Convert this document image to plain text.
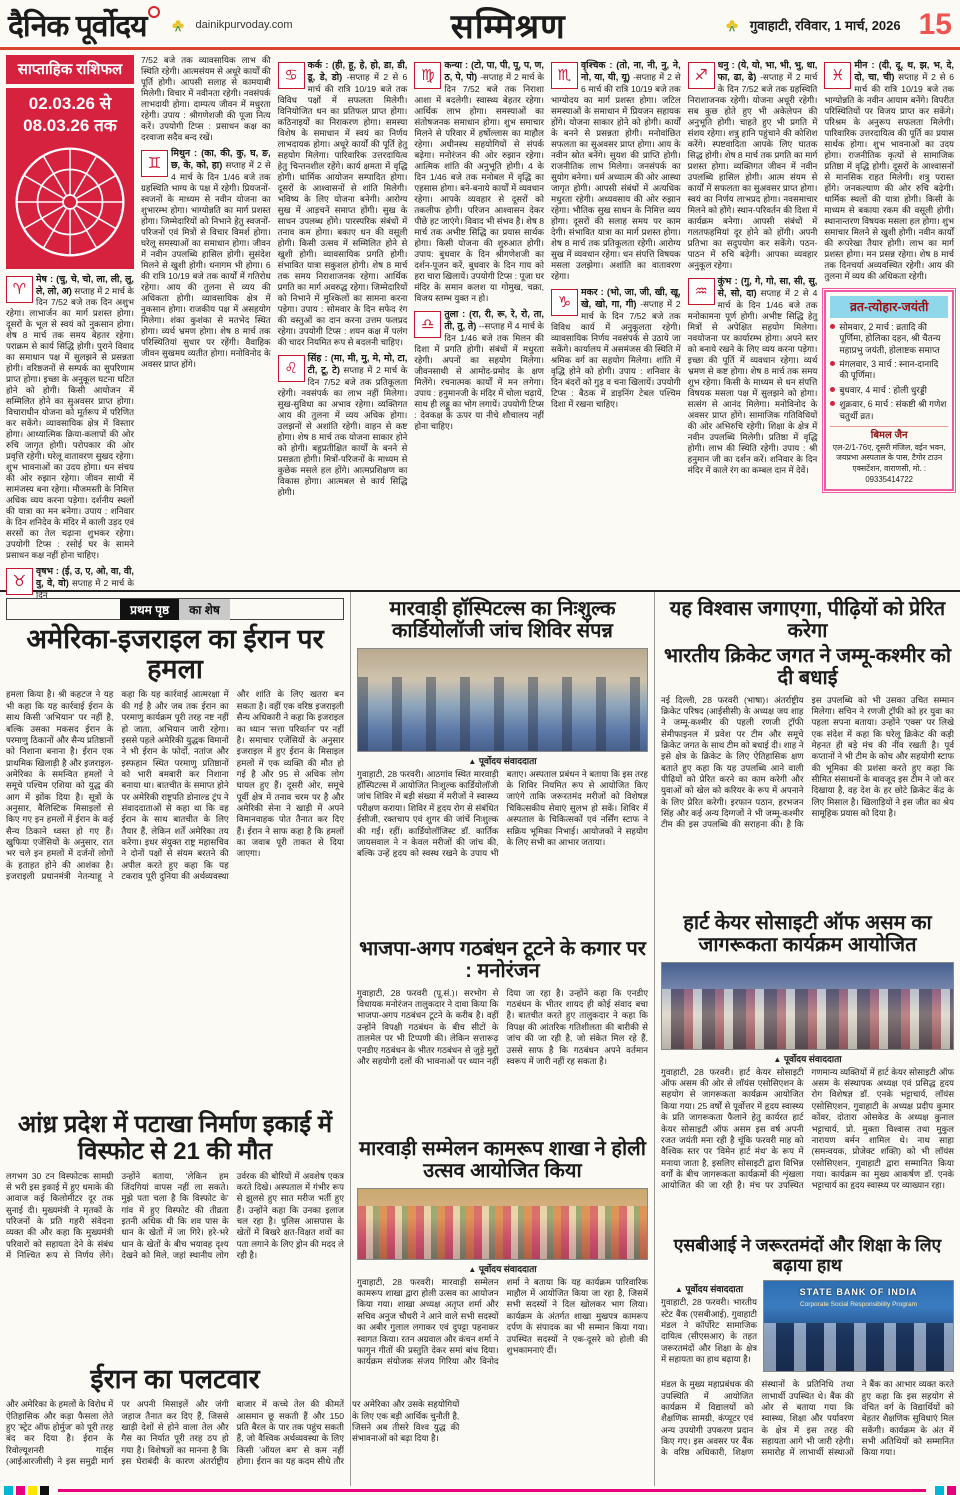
दैनिक पूर्वोदय	dainikpurvoday.com	सम्मिश्रण	गुवाहाटी, रविवार, 1 मार्च, 2026 15
साप्ताहिक राशिफल
02.03.26 से
08.03.26 तक
♈
मेष : (चु, चे, चो, ला, ली, लु, ले, लो, अ) सप्ताह में 2 मार्च के दिन 7/52 बजे तक दिन अशुभ रहेगा। लाभार्जन का मार्ग प्रशस्त होगा। दूसरों के भूल से स्वयं को नुकसान होगा। शेष 8 मार्च तक समय बेहतर रहेगा। पराक्रम से कार्य सिद्धि होगी। पुराने विवाद का समाधान पक्ष में सुलझने से प्रसन्नता होगी। वरिष्ठजनों से सम्पर्क का सुपरिणाम प्राप्त होगा। इच्छा के अनुकूल घटना घटित होने को होगी। किसी आयोजन में सम्मिलित होने का सुअवसर प्राप्त होगा। विचाराधीन योजना को मूर्तरूप में परिणित कर सकेंगे। व्यावसायिक क्षेत्र में विस्तार होगा। आध्यात्मिक क्रिया-कलापों की ओर रुचि जागृत होगी। परोपकार की ओर प्रवृत्ति रहेगी। घरेलू वातावरण सुखद रहेगा। शुभ भावनाओं का उदय होगा। धन संचय की ओर रुझान रहेगा। जीवन साथी में सामंजस्य बना रहेगा। मौजमस्ती के निमित्त अधिक व्यय करना पड़ेगा। दर्शनीय स्थलों की यात्रा का मन बनेगा। उपाय : शनिवार के दिन शनिदेव के मंदिर में काली उड़द एवं सरसों का तेल चढ़ाना शुभकर रहेगा। उपयोगी टिप्स : रसोई घर के सामने प्रसाधन कक्ष नहीं होना चाहिए।
♉
वृषभ : (ई, उ, ए, ओ, वा, वी, वु, वे, वो) सप्ताह में 2 मार्च के दिन
7/52 बजे तक व्यावसायिक लाभ की स्थिति रहेगी। आत्मसंयम से अधूरे कार्यों की पूर्ति होगी। आपसी सलाह से कामयाबी मिलेगी। विचार में नवीनता रहेगी। नवसंपर्क लाभदायी होगा। दाम्पत्य जीवन में मधुरता रहेगी। उपाय : श्रीगणेशजी की पूजा नित्य करें। उपयोगी टिप्स : प्रसाधन कक्ष का दरवाजा सदैव बन्द रखें।
♊
मिथुन : (का, की, कु, घ, ङ, छ, के, को, हा) सप्ताह में 2 से 4 मार्च के दिन 1/46 बजे तक ग्रहस्थिति भाग्य के पक्ष में रहेगी। प्रियजनों-स्वजनों के माध्यम से नवीन योजना का शुभारम्भ होगा। भाग्योन्नति का मार्ग प्रशस्त होगा। जिम्मेदारियों को निभाने हेतु स्वजनों-परिजनों एवं मित्रों से विचार विमर्श होगा। घरेलू समस्याओं का समाधान होगा। जीवन में नवीन उपलब्धि हासिल होगी। सुसंदेश मिलने से खुशी होगी। धनागम भी होगा। 6 की रात्रि 10/19 बजे तक कार्यों में गतिरोध रहेगा। आय की तुलना से व्यय की अधिकता होगी। व्यावसायिक क्षेत्र में नुकसान होगा। राजकीय पक्ष में असहयोग मिलेगा। शंका कुशंका से मतभेद स्थित होगा। व्यर्थ भ्रमण होगा। शेष 8 मार्च तक परिस्थितियां सुधार पर रहेंगी। वैवाहिक जीवन सुखमय व्यतीत होगा। मनोविनोद के अवसर प्राप्त होंगे।
♋
कर्क : (ही, हू, हे, हो, डा, डी, डू, डे, डो) -सप्ताह में 2 से 6 मार्च की रात्रि 10/19 बजे तक विविध पक्षों में सफलता मिलेगी। विनियोजित धन का प्रतिफल प्राप्त होगा। कठिनाइयों का निराकरण होगा। समस्या विशेष के समाधान में स्वयं का निर्णय लाभदायक होगा। अधूरे कार्यों की पूर्ति हेतु सहयोग मिलेगा। पारिवारिक उत्तरदायित्व हेतु चिन्तनशील रहेंगे। कार्य क्षमता में वृद्धि होगी। धार्मिक आयोजन सम्पादित होगा। दूसरों के आश्वासनों से शांति मिलेगी। भविष्य के लिए योजना बनेगी। आरोग्य सुख में आड़चनें समाप्त होंगी। सुख के साधन उपलब्ध होंगे। पारस्परिक संबंधों में तनाव कम होगा। बकाए धन की वसूली होगी। किसी उत्सव में सम्मिलित होने से खुशी होगी। व्यावसायिक प्रगति होगी। संभावित यात्रा सकुशल होगी। शेष 8 मार्च तक समय निराशाजनक रहेगा। आर्थिक प्रगति का मार्ग अवरुद्ध रहेगा। जिम्मेदारियों को निभाने में मुश्किलों का सामना करना पड़ेगा। उपाय : सोमवार के दिन सफेद रंग की वस्तुओं का दान करना उत्तम फलप्रद रहेगा। उपयोगी टिप्स : शयन कक्ष में पलंग की चादर नियमित रूप से बदलनी चाहिए।
♌
सिंह : (मा, मी, मु, मे, मो, टा, टी, टू, टे) सप्ताह में 2 मार्च के दिन 7/52 बजे तक प्रतिकूलता रहेगी। नवसंपर्क का लाभ नहीं मिलेगा। सुख-सुविधा का अभाव रहेगा। व्यक्तिगत आय की तुलना में व्यय अधिक होगा। उलझनों से अशांति रहेगी। वाहन से कष्ट होगा। शेष 8 मार्च तक योजना साकार होने को होगी। बहुप्रतीक्षित कार्यों के बनने से प्रसन्नता होगी। मित्रों-परिजनों के माध्यम से कुछेक मसले हल होंगे। आत्मप्रशिक्षण का विकास होगा। आत्मबल से कार्य सिद्धि होगी।
♍
कन्या : (टो, पा, पी, पू, प, ण, ठ, पे, पो) -सप्ताह में 2 मार्च के दिन 7/52 बजे तक निराशा आशा में बदलेगी। स्वास्थ्य बेहतर रहेगा। आर्थिक लाभ होगा। समस्याओं का संतोषजनक समाधान होगा। शुभ समाचार मिलने से परिवार में हर्षोल्लास का माहौल रहेगा। अधीनस्थ सहयोगियों से संपर्क बढ़ेगा। मनोरंजन की ओर रुझान रहेगा। आत्मिक शांति की अनुभूति होगी। 4 के दिन 1/46 बजे तक मनोबल में वृद्धि का एहसास होगा। बने-बनाये कार्यों में व्यवधान रहेगा। आपके व्यवहार से दूसरों को तकलीफ होगी। परिजन आश्वासन देकर पीछे हट जाएंगे। विवाद भी संभव है। शेष 8 मार्च तक अभीष्ट सिद्धि का प्रयास सार्थक होगा। किसी योजना की शुरुआत होगी। उपाय: बुधवार के दिन श्रीगणेशजी का दर्शन-पूजन करें, बुधवार के दिन गाय को हरा चारा खिलायें। उपयोगी टिप्स : पूजा घर मंदिर के समान कलश या गोमुख, चक्रा, विजय स्तम्भ युक्त न हो।
♎
तुला : (रा, री, रू, रे, रो, ता, ती, तु, ते) --सप्ताह में 4 मार्च के दिन 1/46 बजे तक मिलन की दिशा में प्रगति होगी। संबंधों में मधुरता रहेगी। अपनों का सहयोग मिलेगा। जीवनसाथी से आमोद-प्रमोद के क्षण मिलेंगे। रचनात्मक कार्यों में मन लगेगा। उपाय : हनुमानजी के मंदिर में चोला चढ़ायें, साथ ही लड्डू का भोग लगायें। उपयोगी टिप्स : देवकक्ष के ऊपर या नीचे शौचालय नहीं होना चाहिए।
♏
वृश्चिक : (तो, ना, नी, नु, ने, नो, या, यी, यू) -सप्ताह में 2 से 6 मार्च की रात्रि 10/19 बजे तक भाग्योदय का मार्ग प्रशस्त होगा। जटिल समस्याओं के समाधान में प्रियजन सहायक होंगे। योजना साकार होने को होगी। कार्यों के बनने से प्रसन्नता होगी। मनोवांछित सफलता का सुअवसर प्राप्त होगा। आय के नवीन स्रोत बनेंगे। सुयश की प्राप्ति होगी। राजनीतिक लाभ मिलेगा। जनसंपर्क का सुयोग बनेगा। धर्म अध्यात्म की ओर आस्था जागृत होगी। आपसी संबंधों में अत्यधिक मधुरता रहेगी। अध्यवसाय की ओर रुझान रहेगा। भौतिक सुख साधन के निमित्त व्यय होगा। दूसरों की सलाह समय पर काम देगी। संभावित यात्रा का मार्ग प्रशस्त होगा। शेष 8 मार्च तक प्रतिकूलता रहेगी। आरोग्य सुख में व्यवधान रहेगा। धन संपत्ति विषयक मसला उलझेगा। अशांति का वातावरण रहेगा।
♑
मकर : (भो, जा, जी, खी, खू, खे, खो, गा, गी) -सप्ताह में 2 मार्च के दिन 7/52 बजे तक विविध कार्य में अनुकूलता रहेगी। व्यावसायिक निर्णय नवसंपर्क से उठाये जा सकेंगे। कार्यालय में असमंजस की स्थिति में श्रमिक वर्ग का सहयोग मिलेगा। शांति में वृद्धि होने को होगी। उपाय : शनिवार के दिन बंदरों को गुड़ व चना खिलायें। उपयोगी टिप्स : बैठक में डाइनिंग टेबल पश्चिम दिशा में रखना चाहिए।
♐
धनु : (ये, यो, भा, भी, भु, धा, फा, ढा, ढे) -सप्ताह में 2 मार्च के दिन 7/52 बजे तक ग्रहस्थिति निराशाजनक रहेगी। योजना अधूरी रहेगी। सब कुछ होते हुए भी अकेलेपन की अनुभूति होगी। चाहते हुए भी प्रगति में संशय रहेगा। शत्रु हानि पहुंचाने की कोशिश करेंगे। स्पष्टवादिता आपके लिए घातक सिद्ध होगी। शेष 8 मार्च तक प्रगति का मार्ग प्रशस्त होगा। व्यक्तिगत जीवन में नवीन उपलब्धि हासिल होगी। आत्म संयम से कार्यों में सफलता का सुअवसर प्राप्त होगा। स्वयं का निर्णय लाभप्रद होगा। नवसमाचार मिलने को होंगे। स्थान-परिवर्तन की दिशा में कार्यक्रम बनेगा। आपसी संबंधों में गलतफहमियां दूर होने को होंगी। अपनी प्रतिभा का सदुपयोग कर सकेंगे। पठन-पाठन में रुचि बढ़ेगी। आपका व्यवहार अनुकूल रहेगा।
♒
कुंभ : (गु, गे, गो, सा, सी, सु, से, सो, दा) सप्ताह में 2 से 4 मार्च के दिन 1/46 बजे तक मनोकामना पूर्ण होगी। अभीष्ट सिद्धि हेतु मित्रों से अपेक्षित सहयोग मिलेगा। नवयोजना पर कार्यारम्भ होगा। अपने स्तर को बनाये रखने के लिए व्यय करना पड़ेगा। इच्छा की पूर्ति में व्यवधान रहेगा। व्यर्थ भ्रमण से कष्ट होगा। शेष 8 मार्च तक समय शुभ रहेगा। किसी के माध्यम से धन संपत्ति विषयक मसला पक्ष में सुलझने को होगा। सत्संग से आनंद मिलेगा। मनोविनोद के अवसर प्राप्त होंगे। सामाजिक गतिविधियों की ओर अभिरुचि रहेगी। शिक्षा के क्षेत्र में नवीन उपलब्धि मिलेगी। प्रतिष्ठा में वृद्धि होगी। लाभ की स्थिति रहेगी। उपाय : श्री हनुमान जी का दर्शन करें। शनिवार के दिन मंदिर में काले रंग का कम्बल दान में देवें।
♓
मीन : (दी, दू, थ, झ, भ, दे, दो, चा, ची) सप्ताह में 2 से 6 मार्च की रात्रि 10/19 बजे तक भाग्योन्नति के नवीन आयाम बनेंगे। विपरीत परिस्थितियों पर विजय प्राप्त कर सकेंगे। परिश्रम के अनुरूप सफलता मिलेगी। पारिवारिक उत्तरदायित्व की पूर्ति का प्रयास सार्थक होगा। शुभ भावनाओं का उदय होगा। राजनीतिक कृत्यों से सामाजिक प्रतिष्ठा में वृद्धि होगी। दूसरों के आश्वासनों से मानसिक राहत मिलेगी। शत्रु परास्त होंगे। जनकल्याण की ओर रुचि बढ़ेगी। धार्मिक स्थलों की यात्रा होगी। किसी के माध्यम से बकाया रकम की वसूली होगी। स्थानान्तरण विषयक मसला हल होगा। शुभ समाचार मिलने से खुशी होगी। नवीन कार्यों की रूपरेखा तैयार होगी। लाभ का मार्ग प्रशस्त होगा। मन प्रसन्न रहेगा। शेष 8 मार्च तक दिनचर्या अव्यवस्थित रहेगी। आय की तुलना में व्यय की अधिकता रहेगी।
व्रत-त्योहार-जयंती
सोमवार, 2 मार्च : व्रतादि की पूर्णिमा, होलिका दहन, श्री चैतन्य महाप्रभु जयंती, होलाष्टक समाप्त
मंगलवार, 3 मार्च : स्नान-दानादि की पूर्णिमा।
बुधवार, 4 मार्च : होली धुरड्डी
शुक्रवार, 6 मार्च : संकष्टी श्री गणेश चतुर्थी व्रत।
बिमल जैन
एल-2/1-76ए, दूसरी मंजिल, वईन भवन, जयप्रभा अस्पताल के पास, टैगोर टाउन एक्सटेंशन, वाराणसी, मो. : 09335414722
प्रथम पृष्ठ	का शेष
अमेरिका-इजराइल का ईरान पर हमला
हमला किया है। श्री कहटज ने यह भी कहा कि यह कार्रवाई ईरान के साथ किसी 'अभियान' पर नहीं है, बल्कि उसका मकसद ईरान के परमाणु ठिकानों और सैन्य प्रतिष्ठानों को निशाना बनाना है। ईरान एक प्राथमिक खिलाड़ी है और इजराइल-अमेरिका के समन्वित हमलों ने समूचे पश्चिम एशिया को युद्ध की आग में झोंक दिया है। सूत्रों के अनुसार, बैलिस्टिक मिसाइलों से किए गए इन हमलों में ईरान के कई सैन्य ठिकाने ध्वस्त हो गए हैं। खुफिया एजेंसियों के अनुसार, रात भर चले इन हमलों में दर्जनों लोगों के हताहत होने की आशंका है। इजराइली प्रधानमंत्री नेतन्याहू ने कहा कि यह कार्रवाई आत्मरक्षा में की गई है और जब तक ईरान का परमाणु कार्यक्रम पूरी तरह नष्ट नहीं हो जाता, अभियान जारी रहेगा। इससे पहले अमेरिकी युद्धक विमानों ने भी ईरान के फोर्दो, नतांज और इस्फहान स्थित परमाणु प्रतिष्ठानों को भारी बमबारी कर निशाना बनाया था। बातचीत के समाप्त होने पर अमेरिकी राष्ट्रपति डोनाल्ड ट्रंप ने संवाददाताओं से कहा था कि वह ईरान के साथ बातचीत के लिए तैयार हैं, लेकिन शर्तें अमेरिका तय करेगा। इधर संयुक्त राष्ट्र महासचिव ने दोनों पक्षों से संयम बरतने की अपील करते हुए कहा कि यह टकराव पूरी दुनिया की अर्थव्यवस्था और शांति के लिए खतरा बन सकता है। वहीं एक वरिष्ठ इजराइली सैन्य अधिकारी ने कहा कि इजराइल का ध्यान 'सत्ता परिवर्तन' पर नहीं है। समाचार एजेंसियों के अनुसार इजराइल में हुए ईरान के मिसाइल हमलों में एक व्यक्ति की मौत हो गई है और 95 से अधिक लोग घायल हुए हैं। दूसरी ओर, समूचे पूर्वी क्षेत्र में तनाव चरम पर है और अमेरिकी सेना ने खाड़ी में अपने विमानवाहक पोत तैनात कर दिए हैं। ईरान ने साफ कहा है कि हमलों का जवाब पूरी ताकत से दिया जाएगा।
आंध्र प्रदेश में पटाखा निर्माण इकाई में विस्फोट से 21 की मौत
लगभग 30 टन विस्फोटक सामग्री से भरी इस इकाई में हुए धमाके की आवाज कई किलोमीटर दूर तक सुनाई दी। मुख्यमंत्री ने मृतकों के परिजनों के प्रति गहरी संवेदना व्यक्त की और कहा कि मुख्यमंत्री परिवारों को सहायता देने के संबंध में निश्चित रूप से निर्णय लेंगे। उन्होंने बताया, 'लेकिन हम जिंदगियां वापस नहीं ला सकते। मुझे पता चला है कि विस्फोट के' गांव में हुए विस्फोट की तीव्रता इतनी अधिक थी कि शव पास के धान के खेतों में जा गिरे। हरे-भरे धान के खेतों के बीच भयावह दृश्य देखने को मिले, जहां स्थानीय लोग उर्वरक की बोरियों में अवशेष एकत्र करते दिखे। अस्पताल में गंभीर रूप से झुलसे हुए सात मरीज भर्ती हुए हैं। उन्होंने कहा कि उनका इलाज चल रहा है। पुलिस आसपास के खेतों में बिखरे क्षत-विक्षत शवों का पता लगाने के लिए ड्रोन की मदद ले रही है।
ईरान का पलटवार
और अमेरिका के हमलों के विरोध में ऐतिहासिक और कड़ा फैसला लेते हुए 'स्ट्रेट ऑफ होर्मुज' को पूरी तरह बंद कर दिया है। ईरान के रिवोल्यूशनरी गार्ड्स (आईआरजीसी) ने इस समुद्री मार्ग पर अपनी मिसाइलें और जंगी जहाज तैनात कर दिए हैं, जिससे खाड़ी देशों से होने वाला तेल और गैस का निर्यात पूरी तरह ठप हो गया है। विशेषज्ञों का मानना है कि इस घेराबंदी के कारण अंतर्राष्ट्रीय बाजार में कच्चे तेल की कीमतें आसमान छू सकती हैं और 150 प्रति बैरल के पार तक पहुंच सकती हैं, जो वैश्विक अर्थव्यवस्था के लिए किसी 'ऑयल बम' से कम नहीं होगा। ईरान का यह कदम सीधे तौर पर अमेरिका और उसके सहयोगियों के लिए एक बड़ी आर्थिक चुनौती है, जिसने अब तीसरे विश्व युद्ध की संभावनाओं को बढ़ा दिया है।
मारवाड़ी हॉस्पिटल्स का निःशुल्क कार्डियोलॉजी जांच शिविर संपन्न
▲ पूर्वोदय संवाददाता
गुवाहाटी, 28 फरवरी। आठगांव स्थित मारवाड़ी हॉस्पिटल्स में आयोजित निःशुल्क कार्डियोलॉजी जांच शिविर में बड़ी संख्या में मरीजों ने स्वास्थ्य परीक्षण कराया। शिविर में हृदय रोग से संबंधित ईसीजी, रक्तचाप एवं शुगर की जांचें निःशुल्क की गईं। रहीं। कार्डियोलॉजिस्ट डॉ. कार्तिक जायसवाल ने न केवल मरीजों की जांच की, बल्कि उन्हें हृदय को स्वस्थ रखने के उपाय भी बताए। अस्पताल प्रबंधन ने बताया कि इस तरह के शिविर नियमित रूप से आयोजित किए जाएंगे ताकि जरूरतमंद मरीजों को विशेषज्ञ चिकित्सकीय सेवाएं सुलभ हो सकें। शिविर में अस्पताल के चिकित्सकों एवं नर्सिंग स्टाफ ने सक्रिय भूमिका निभाई। आयोजकों ने सहयोग के लिए सभी का आभार जताया।
भाजपा-अगप गठबंधन टूटने के कगार पर : मनोरंजन
गुवाहाटी, 28 फरवरी (पू.सं.)। सरभोग से विधायक मनोरंजन तालुकदार ने दावा किया कि भाजपा-अगप गठबंधन टूटने के करीब है। वहीं उन्होंने विपक्षी गठबंधन के बीच सीटों के तालमेल पर भी टिप्पणी की। लेकिन सत्तारूढ़ एनडीए गठबंधन के भीतर गठबंधन से जुड़े मुद्दों और सहयोगी दलों की भावनाओं पर ध्यान नहीं दिया जा रहा है। उन्होंने कहा कि एनडीए गठबंधन के भीतर शायद ही कोई संवाद बचा है। बातचीत करते हुए तालुकदार ने कहा कि विपक्ष की आंतरिक गतिशीलता की बारीकी से जांच की जा रही है, जो संकेत मिल रहे हैं, उससे साफ है कि गठबंधन अपने वर्तमान स्वरूप में जारी नहीं रह सकता है।
मारवाड़ी सम्मेलन कामरूप शाखा ने होली उत्सव आयोजित किया
▲ पूर्वोदय संवाददाता
गुवाहाटी, 28 फरवरी। मारवाड़ी सम्मेलन कामरूप शाखा द्वारा होली उत्सव का आयोजन किया गया। शाखा अध्यक्ष अतृप्त शर्मा और सचिव अनुज चौधरी ने आने वाले सभी सदस्यों का अबीर गुलाल लगाकर एवं दुपट्टा पहनाकर स्वागत किया। रतन अग्रवाल और कंचन शर्मा ने फागुन गीतों की प्रस्तुति देकर समां बांध दिया। कार्यक्रम संयोजक संजय गिरिया और विनोद शर्मा ने बताया कि यह कार्यक्रम पारिवारिक माहौल में आयोजित किया जा रहा है, जिसमें सभी सदस्यों ने दिल खोलकर भाग लिया। कार्यक्रम के अंतर्गत शाखा मुखपत्र कामरूप दर्पण के संपादक का भी सम्मान किया गया। उपस्थित सदस्यों ने एक-दूसरे को होली की शुभकामनाएं दीं।
यह विश्वास जगाएगा, पीढ़ियों को प्रेरित करेगा
भारतीय क्रिकेट जगत ने जम्मू-कश्मीर को दी बधाई
नई दिल्ली, 28 फरवरी (भाषा)। अंतर्राष्ट्रीय क्रिकेट परिषद (आईसीसी) के अध्यक्ष जय शाह ने जम्मू-कश्मीर की पहली रणजी ट्रॉफी सेमीफाइनल में प्रवेश पर टीम और समूचे क्रिकेट जगत के साथ टीम को बधाई दी। शाह ने इसे क्षेत्र के क्रिकेट के लिए ऐतिहासिक क्षण बताते हुए कहा कि यह उपलब्धि आने वाली पीढ़ियों को प्रेरित करने का काम करेगी और युवाओं को खेल को करियर के रूप में अपनाने के लिए प्रेरित करेगी। इरफान पठान, हरभजन सिंह और कई अन्य दिग्गजों ने भी जम्मू-कश्मीर टीम की इस उपलब्धि की सराहना की। है कि इस उपलब्धि को भी उसका उचित सम्मान मिलेगा। सचिन ने रणजी ट्रॉफी को हर युवा का पहला सपना बताया। उन्होंने 'एक्स' पर लिखे एक संदेश में कहा कि घरेलू क्रिकेट की कड़ी मेहनत ही बड़े मंच की नींव रखती है। पूर्व कप्तानों ने भी टीम के कोच और सहयोगी स्टाफ की भूमिका की प्रशंसा करते हुए कहा कि सीमित संसाधनों के बावजूद इस टीम ने जो कर दिखाया है, वह देश के हर छोटे क्रिकेट केंद्र के लिए मिसाल है। खिलाड़ियों ने इस जीत का श्रेय सामूहिक प्रयास को दिया है।
हार्ट केयर सोसाइटी ऑफ असम का जागरूकता कार्यक्रम आयोजित
▲ पूर्वोदय संवाददाता
गुवाहाटी, 28 फरवरी। हार्ट केयर सोसाइटी ऑफ असम की ओर से लॉयंस एसोसिएशन के सहयोग से जागरूकता कार्यक्रम आयोजित किया गया। 25 वर्षों से पूर्वोत्तर में हृदय स्वास्थ्य के प्रति जागरूकता फैलाने हेतु कार्यरत हार्ट केयर सोसाइटी ऑफ असम इस वर्ष अपनी रजत जयंती मना रही है चूंकि फरवरी माह को वैश्विक स्तर पर 'विमेन हार्ट मंथ' के रूप में मनाया जाता है, इसलिए सोसाइटी द्वारा विभिन्न वर्गों के बीच जागरूकता कार्यक्रमों की शृंखला आयोजित की जा रही है। मंच पर उपस्थित गणमान्य व्यक्तियों में हार्ट केयर सोसाइटी ऑफ असम के संस्थापक अध्यक्ष एवं प्रसिद्ध हृदय रोग विशेषज्ञ डॉ. एनके भट्टाचार्य, लॉयंस एसोसिएशन, गुवाहाटी के अध्यक्ष प्रदीप कुमार कोंवर, दोतारा ओसकेड के अध्यक्ष कुनाल भट्टाचार्य, प्रो. मुक्ता विश्वास तथा मुकुल नारायण बर्मन शामिल थे। नाथ साहा (समन्वयक, प्रोजेक्ट शक्ति) को भी लॉयंस एसोसिएशन, गुवाहाटी द्वारा सम्मानित किया गया। कार्यक्रम का मुख्य आकर्षण डॉ. एनके भट्टाचार्य का हृदय स्वास्थ्य पर व्याख्यान रहा।
एसबीआई ने जरूरतमंदों और शिक्षा के लिए बढ़ाया हाथ
▲ पूर्वोदय संवाददाता
गुवाहाटी, 28 फरवरी। भारतीय स्टेट बैंक (एसबीआई), गुवाहाटी मंडल ने कॉर्पोरेट सामाजिक दायित्व (सीएसआर) के तहत जरूरतमंदों और शिक्षा के क्षेत्र में सहायता का हाथ बढ़ाया है।
STATE BANK OF INDIA
Corporate Social Responsibility Program
मंडल के मुख्य महाप्रबंधक की उपस्थिति में आयोजित कार्यक्रम में विद्यालयों को शैक्षणिक सामग्री, कंप्यूटर एवं अन्य उपयोगी उपकरण प्रदान किए गए। इस अवसर पर बैंक के वरिष्ठ अधिकारी, शिक्षण संस्थानों के प्रतिनिधि तथा लाभार्थी उपस्थित थे। बैंक की ओर से बताया गया कि स्वास्थ्य, शिक्षा और पर्यावरण के क्षेत्र में इस तरह की सहायता आगे भी जारी रहेगी। समारोह में लाभार्थी संस्थाओं ने बैंक का आभार व्यक्त करते हुए कहा कि इस सहयोग से वंचित वर्ग के विद्यार्थियों को बेहतर शैक्षणिक सुविधाएं मिल सकेंगी। कार्यक्रम के अंत में सभी अतिथियों को सम्मानित किया गया।
